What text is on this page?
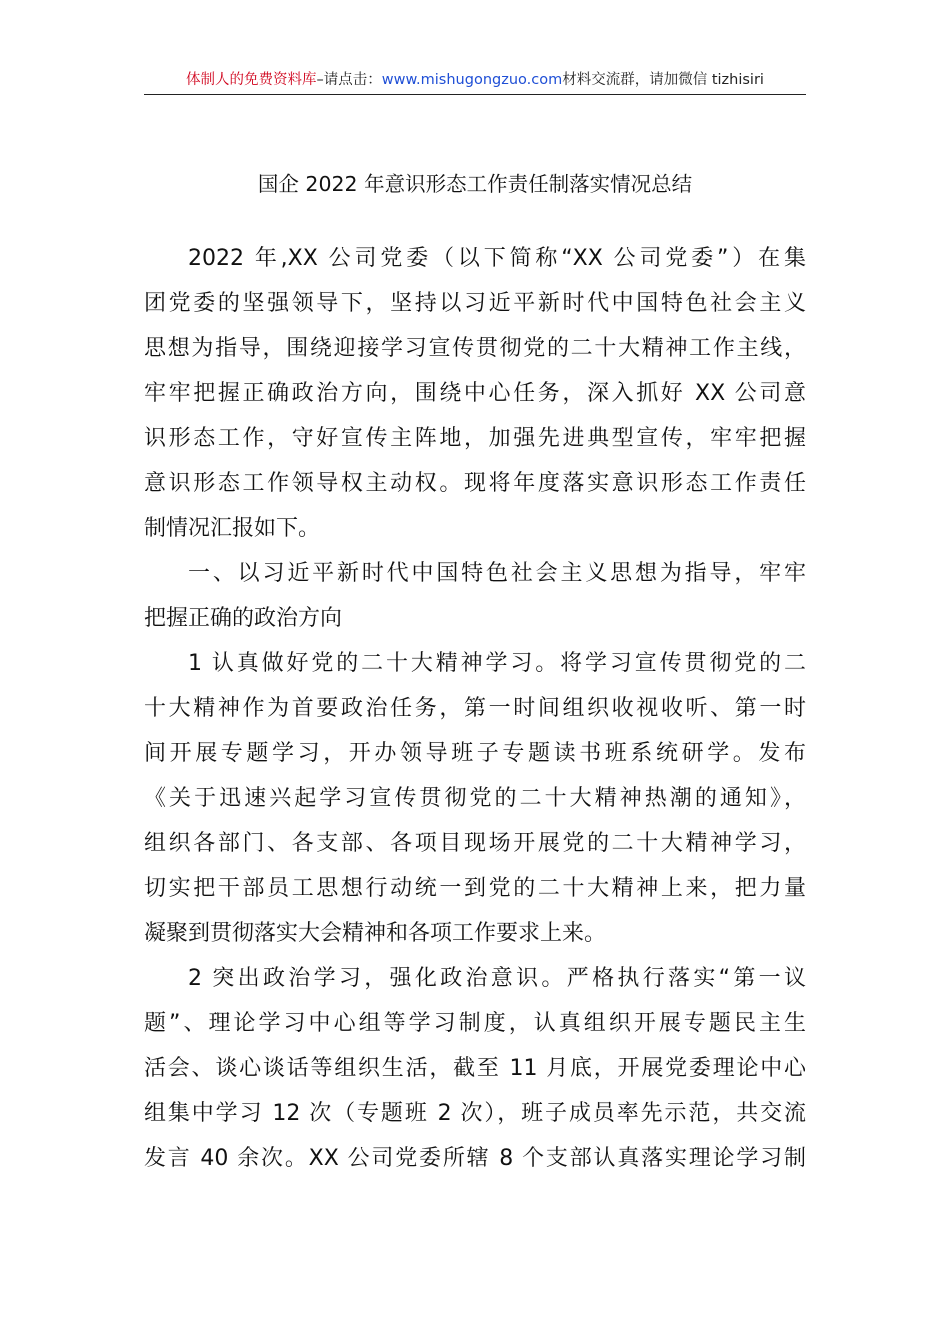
体制人的免费资料库–请点击：www.mishugongzuo.com材料交流群，请加微信 tizhisiri
国企 2022 年意识形态工作责任制落实情况总结
2022 年,XX 公司党委（以下简称“XX 公司党委”）在集
团党委的坚强领导下，坚持以习近平新时代中国特色社会主义
思想为指导，围绕迎接学习宣传贯彻党的二十大精神工作主线，
牢牢把握正确政治方向，围绕中心任务，深入抓好 XX 公司意
识形态工作，守好宣传主阵地，加强先进典型宣传，牢牢把握
意识形态工作领导权主动权。现将年度落实意识形态工作责任
制情况汇报如下。
一、以习近平新时代中国特色社会主义思想为指导，牢牢
把握正确的政治方向
1 认真做好党的二十大精神学习。将学习宣传贯彻党的二
十大精神作为首要政治任务，第一时间组织收视收听、第一时
间开展专题学习，开办领导班子专题读书班系统研学。发布
《关于迅速兴起学习宣传贯彻党的二十大精神热潮的通知》，
组织各部门、各支部、各项目现场开展党的二十大精神学习，
切实把干部员工思想行动统一到党的二十大精神上来，把力量
凝聚到贯彻落实大会精神和各项工作要求上来。
2 突出政治学习，强化政治意识。严格执行落实“第一议
题”、理论学习中心组等学习制度，认真组织开展专题民主生
活会、谈心谈话等组织生活，截至 11 月底，开展党委理论中心
组集中学习 12 次（专题班 2 次），班子成员率先示范，共交流
发言 40 余次。XX 公司党委所辖 8 个支部认真落实理论学习制
